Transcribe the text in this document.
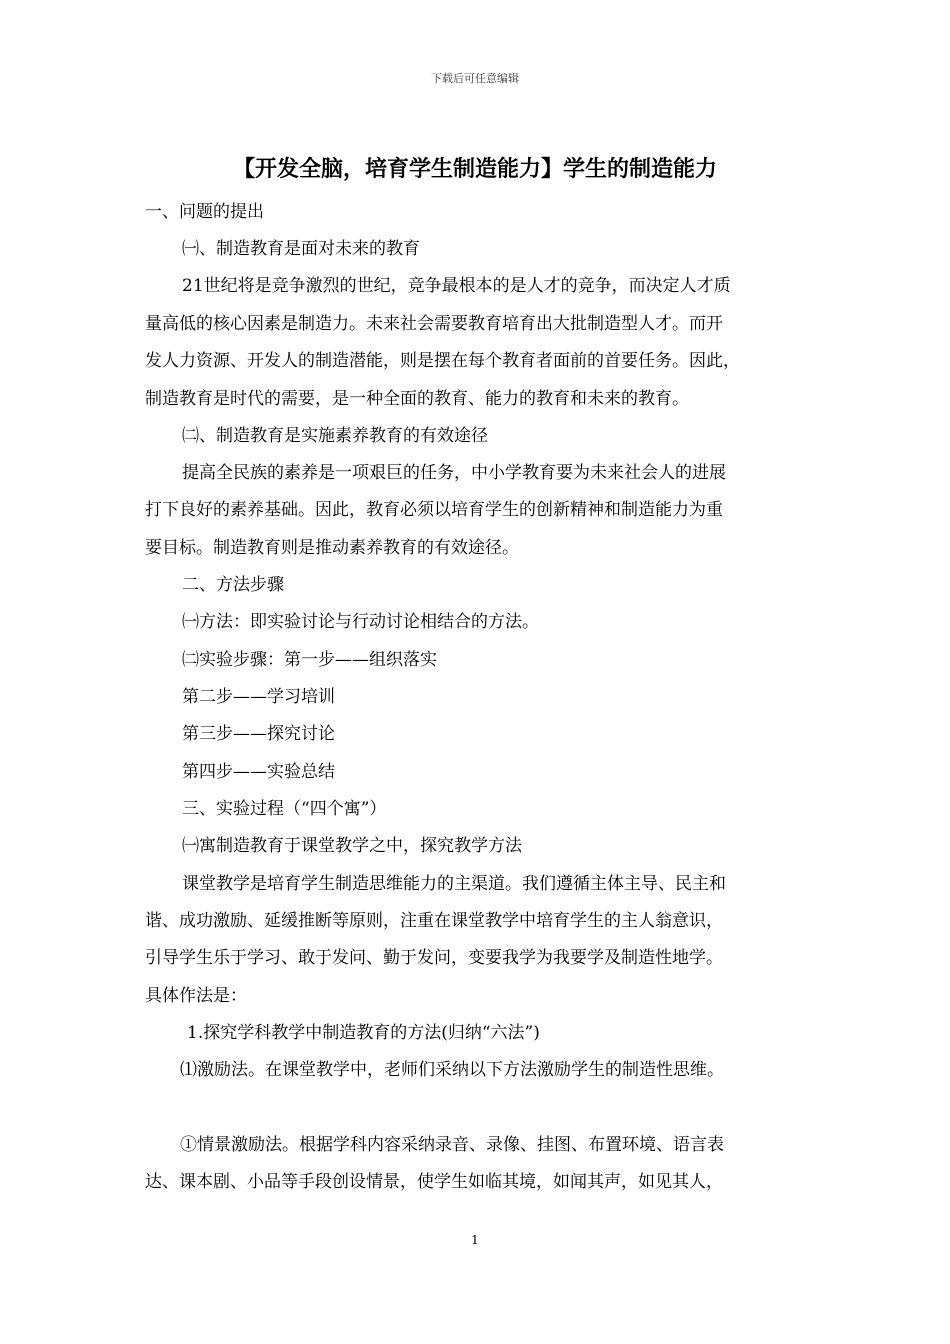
下载后可任意编辑
【开发全脑，培育学生制造能力】学生的制造能力
一、问题的提出
㈠、制造教育是面对未来的教育
21世纪将是竞争激烈的世纪，竞争最根本的是人才的竞争，而决定人才质
量高低的核心因素是制造力。未来社会需要教育培育出大批制造型人才。而开
发人力资源、开发人的制造潜能，则是摆在每个教育者面前的首要任务。因此，
制造教育是时代的需要，是一种全面的教育、能力的教育和未来的教育。
㈡、制造教育是实施素养教育的有效途径
提高全民族的素养是一项艰巨的任务，中小学教育要为未来社会人的进展
打下良好的素养基础。因此，教育必须以培育学生的创新精神和制造能力为重
要目标。制造教育则是推动素养教育的有效途径。
二、方法步骤
㈠方法：即实验讨论与行动讨论相结合的方法。
㈡实验步骤：第一步——组织落实
第二步——学习培训
第三步——探究讨论
第四步——实验总结
三、实验过程（“四个寓”）
㈠寓制造教育于课堂教学之中，探究教学方法
课堂教学是培育学生制造思维能力的主渠道。我们遵循主体主导、民主和
谐、成功激励、延缓推断等原则，注重在课堂教学中培育学生的主人翁意识，
引导学生乐于学习、敢于发问、勤于发问，变要我学为我要学及制造性地学。
具体作法是：
1.探究学科教学中制造教育的方法(归纳“六法”)
⑴激励法。在课堂教学中，老师们采纳以下方法激励学生的制造性思维。
①情景激励法。根据学科内容采纳录音、录像、挂图、布置环境、语言表
达、课本剧、小品等手段创设情景，使学生如临其境，如闻其声，如见其人，
1
